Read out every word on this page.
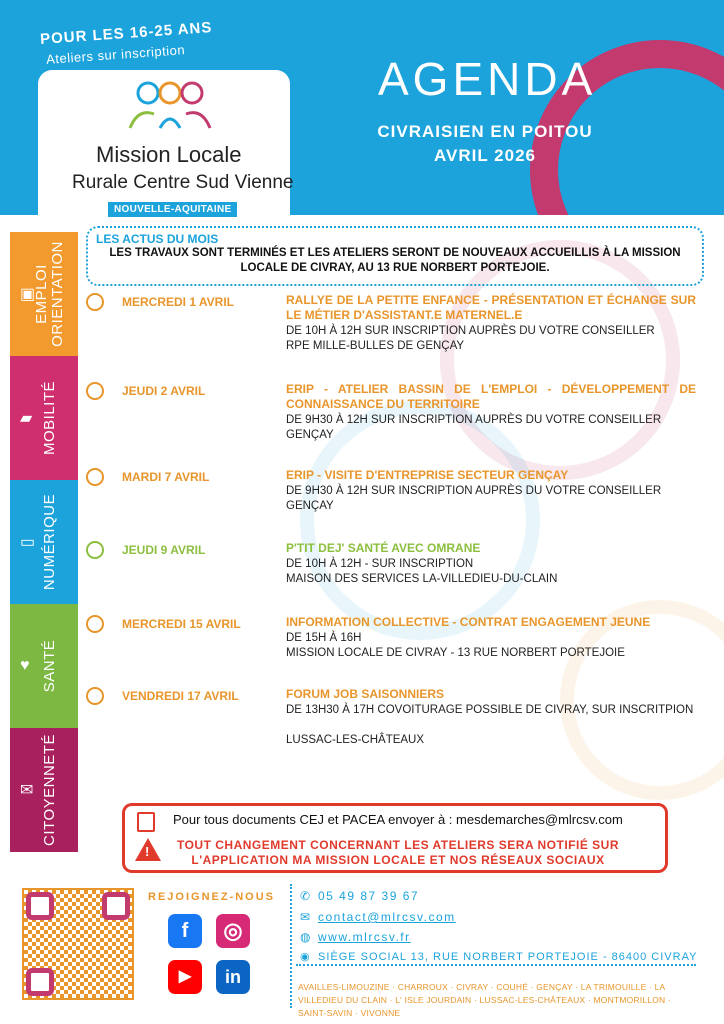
POUR LES 16-25 ANS
Ateliers sur inscription	AGENDA
CIVRAISIEN EN POITOU
AVRIL 2026
Mission Locale
Rurale Centre Sud Vienne
NOUVELLE-AQUITAINE
▣
EMPLOI
ORIENTATION
▰ MOBILITÉ
▭ NUMÉRIQUE
♥ SANTÉ
✉ CITOYENNETÉ
LES ACTUS DU MOIS
LES TRAVAUX SONT TERMINÉS ET LES ATELIERS SERONT DE NOUVEAUX ACCUEILLIS À LA MISSION LOCALE DE CIVRAY, AU 13 RUE NORBERT PORTEJOIE.
MERCREDI 1 AVRIL	RALLYE DE LA PETITE ENFANCE - PRÉSENTATION ET ÉCHANGE SUR LE MÉTIER D'ASSISTANT.E MATERNEL.E
DE 10H À 12H SUR INSCRIPTION AUPRÈS DU VOTRE CONSEILLER
RPE MILLE-BULLES DE GENÇAY
JEUDI 2 AVRIL	ERIP - ATELIER BASSIN DE L'EMPLOI - DÉVELOPPEMENT DE CONNAISSANCE DU TERRITOIRE
DE 9H30 À 12H SUR INSCRIPTION AUPRÈS DU VOTRE CONSEILLER
GENÇAY
MARDI 7 AVRIL	ERIP - VISITE D'ENTREPRISE SECTEUR GENÇAY
DE 9H30 À 12H SUR INSCRIPTION AUPRÈS DU VOTRE CONSEILLER
GENÇAY
JEUDI 9 AVRIL	P'TIT DEJ' SANTÉ AVEC OMRANE
DE 10H À 12H - SUR INSCRIPTION
MAISON DES SERVICES LA-VILLEDIEU-DU-CLAIN
MERCREDI 15 AVRIL	INFORMATION COLLECTIVE - CONTRAT ENGAGEMENT JEUNE
DE 15H À 16H
MISSION LOCALE DE CIVRAY - 13 RUE NORBERT PORTEJOIE
VENDREDI 17 AVRIL	FORUM JOB SAISONNIERS
DE 13H30 À 17H COVOITURAGE POSSIBLE DE CIVRAY, SUR INSCRITPION
LUSSAC-LES-CHÂTEAUX
Pour tous documents CEJ et PACEA envoyer à : mesdemarches@mlrcsv.com
!	TOUT CHANGEMENT CONCERNANT LES ATELIERS SERA NOTIFIÉ SUR L'APPLICATION MA MISSION LOCALE ET NOS RÉSEAUX SOCIAUX
REJOIGNEZ-NOUS
f	◎
▶	in
✆ 05 49 87 39 67
✉ contact@mlrcsv.com
◍ www.mlrcsv.fr
◉ SIÈGE SOCIAL 13, RUE NORBERT PORTEJOIE - 86400 CIVRAY
AVAILLES-LIMOUZINE · CHARROUX · CIVRAY · COUHÉ · GENÇAY · LA TRIMOUILLE · LA VILLEDIEU DU CLAIN · L' ISLE JOURDAIN · LUSSAC-LES-CHÂTEAUX · MONTMORILLON · SAINT-SAVIN · VIVONNE
